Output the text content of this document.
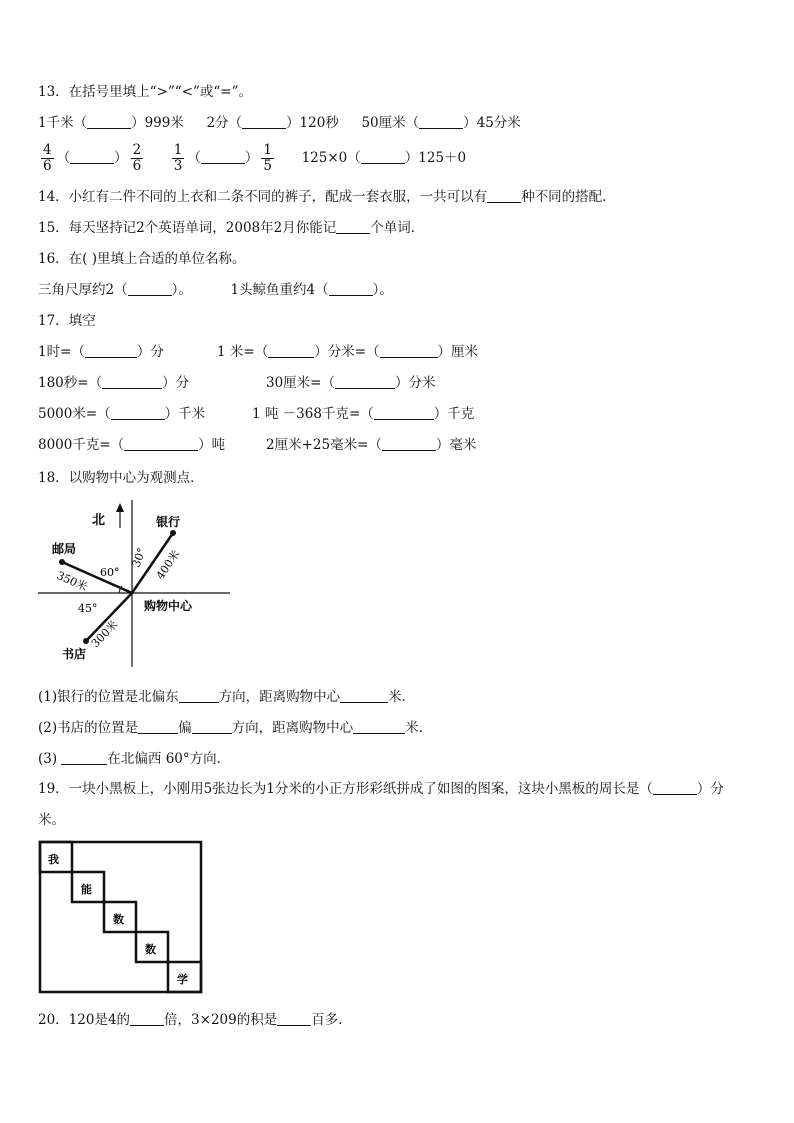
13．在括号里填上“>”“<”或“=”。
1千米（	）999米 2分（	）120秒 50厘米（	）45分米
$\frac{4}{6}$ （	） $\frac{2}{6}$
$\frac{1}{3}$ （	） $\frac{1}{5} 125\times 0$（	）125＋0
14．小红有二件不同的上衣和二条不同的裤子，配成一套衣服，一共可以有	种不同的搭配．
15．每天坚持记2个英语单词，2008年2月你能记	个单词．
16．在( )里填上合适的单位名称。
三角尺厚约2（	）。	1头鲸鱼重约4（	）。
17．填空
1时=（	）分	1 米=（	）分米=（	）厘米
180秒=（	）分	30厘米=（	）分米
5000米=（	）千米	1 吨 －368千克=（	）千克
8000千克=（	）吨	2厘米+25毫米=（	）毫米
18．以购物中心为观测点．
北	银行
邮局
书店
购物中心
60°
30°
45°
400米
350米
300米
(1)银行的位置是北偏东	方向，距离购物中心	米．
(2)书店的位置是	偏	方向，距离购物中心	米．
(3)	在北偏西 60°方向．
19．一块小黑板上，小刚用5张边长为1分米的小正方形彩纸拼成了如图的图案，这块小黑板的周长是（	）分
米。
我
能
数
数
学
20．120是4的	倍，3×209的积是	百多．
